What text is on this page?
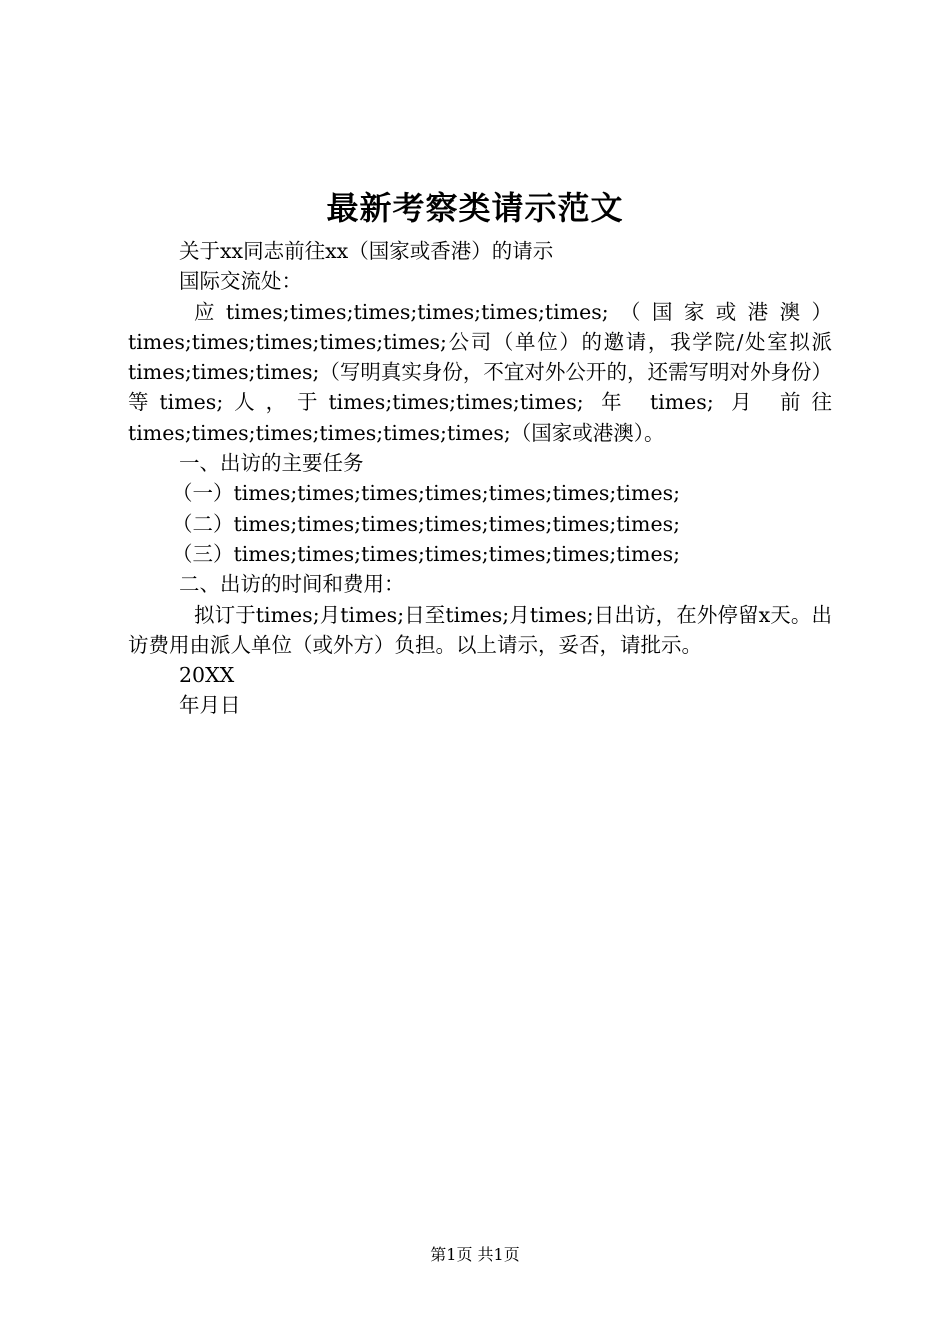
最新考察类请示范文

关于xx同志前往xx（国家或香港）的请示

国际交流处：

应times;times;times;times;times;times;（国家或港澳）times;times;times;times;times;公司（单位）的邀请，我学院/处室拟派times;times;times;（写明真实身份，不宜对外公开的，还需写明对外身份）等times;人，于times;times;times;times; 年 times; 月 前往times;times;times;times;times;times;（国家或港澳）。

一、出访的主要任务

（一）times;times;times;times;times;times;times;

（二）times;times;times;times;times;times;times;

（三）times;times;times;times;times;times;times;

二、出访的时间和费用：

拟订于times;月times;日至times;月times;日出访，在外停留x天。出访费用由派人单位（或外方）负担。以上请示，妥否，请批示。

20XX

年月日

第1页 共1页
